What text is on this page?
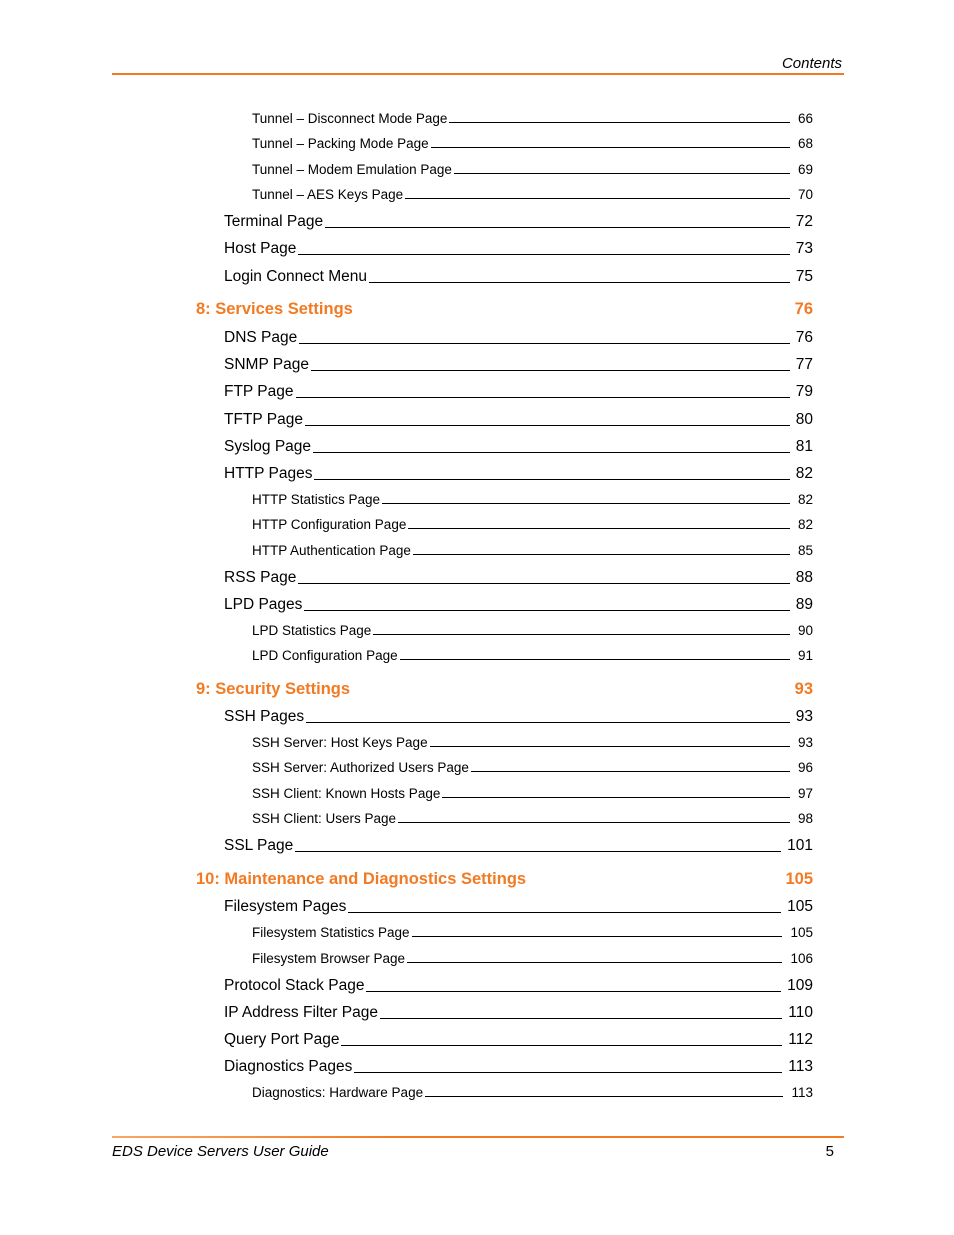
Contents
Tunnel – Disconnect Mode Page	66
Tunnel – Packing Mode Page	68
Tunnel – Modem Emulation Page	69
Tunnel – AES Keys Page	70
Terminal Page	72
Host Page	73
Login Connect Menu	75
8: Services Settings	76
DNS Page	76
SNMP Page	77
FTP Page	79
TFTP Page	80
Syslog Page	81
HTTP Pages	82
HTTP Statistics Page	82
HTTP Configuration Page	82
HTTP Authentication Page	85
RSS Page	88
LPD Pages	89
LPD Statistics Page	90
LPD Configuration Page	91
9: Security Settings	93
SSH Pages	93
SSH Server: Host Keys Page	93
SSH Server: Authorized Users Page	96
SSH Client: Known Hosts Page	97
SSH Client: Users Page	98
SSL Page	101
10: Maintenance and Diagnostics Settings	105
Filesystem Pages	105
Filesystem Statistics Page	105
Filesystem Browser Page	106
Protocol Stack Page	109
IP Address Filter Page	110
Query Port Page	112
Diagnostics Pages	113
Diagnostics: Hardware Page	113
EDS Device Servers User Guide	5
